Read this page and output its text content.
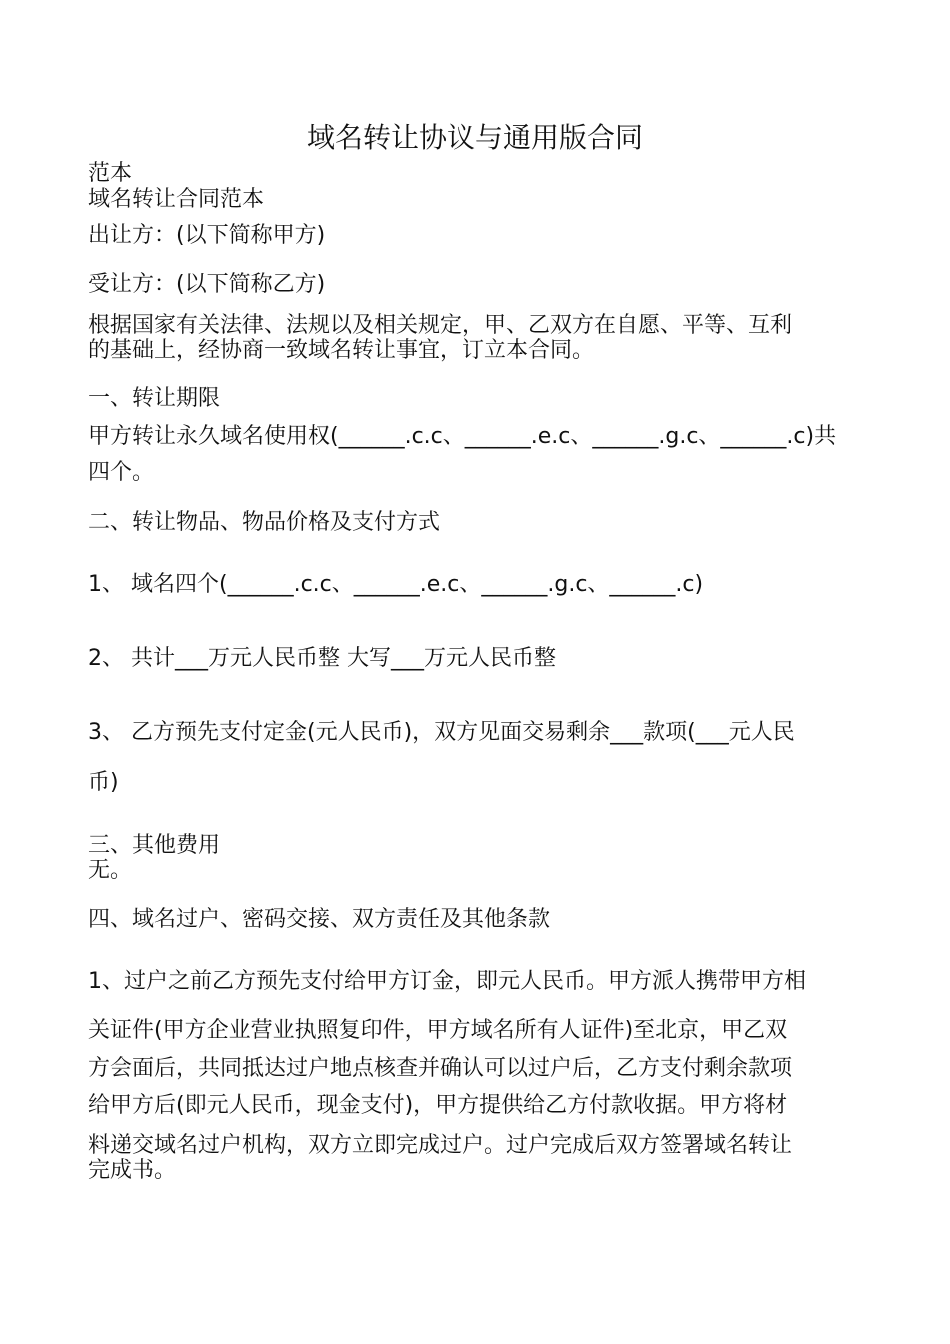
域名转让协议与通用版合同
范本
域名转让合同范本
出让方：(以下简称甲方)
受让方：(以下简称乙方)
根据国家有关法律、法规以及相关规定，甲、乙双方在自愿、平等、互利
的基础上，经协商一致域名转让事宜，订立本合同。
一、转让期限
甲方转让永久域名使用权(______.c.c、______.e.c、______.g.c、______.c)共
四个。
二、转让物品、物品价格及支付方式
1、 域名四个(______.c.c、______.e.c、______.g.c、______.c)
2、 共计___万元人民币整 大写___万元人民币整
3、 乙方预先支付定金(元人民币)，双方见面交易剩余___款项(___元人民
币)
三、其他费用
无。
四、域名过户、密码交接、双方责任及其他条款
1、过户之前乙方预先支付给甲方订金，即元人民币。甲方派人携带甲方相
关证件(甲方企业营业执照复印件，甲方域名所有人证件)至北京，甲乙双
方会面后，共同抵达过户地点核查并确认可以过户后，乙方支付剩余款项
给甲方后(即元人民币，现金支付)，甲方提供给乙方付款收据。甲方将材
料递交域名过户机构，双方立即完成过户。过户完成后双方签署域名转让
完成书。
